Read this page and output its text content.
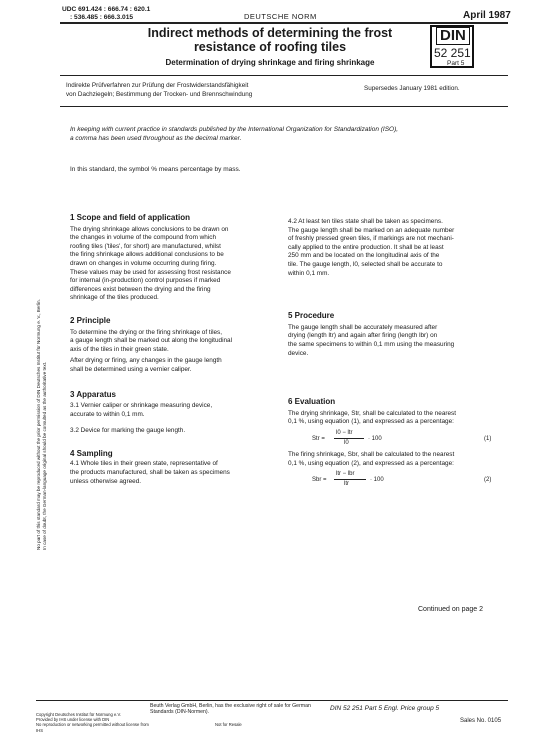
UDC 691.424 : 666.74 : 620.1
: 536.485 : 666.3.015	DEUTSCHE NORM	April 1987
Indirect methods of determining the frost
resistance of roofing tiles
Determination of drying shrinkage and firing shrinkage
DIN
52 251
Part 5
Indirekte Prüfverfahren zur Prüfung der Frostwiderstandsfähigkeit
von Dachziegeln; Bestimmung der Trocken- und Brennschwindung
Supersedes January 1981 edition.
In keeping with current practice in standards published by the International Organization for Standardization (ISO),
a comma has been used throughout as the decimal marker.
In this standard, the symbol % means percentage by mass.
No part of this standard may be reproduced without the prior permission of DIN Deutsches Institut für Normung e. V., Berlin. In case of doubt, the German-language original should be consulted as the authoritative text.
1 Scope and field of application
The drying shrinkage allows conclusions to be drawn on
the changes in volume of the compound from which
roofing tiles ('tiles', for short) are manufactured, whilst
the firing shrinkage allows additional conclusions to be
drawn on changes in volume occurring during firing.
These values may be used for assessing frost resistance
for internal (in-production) control purposes if marked
differences exist between the drying and the firing
shrinkage of the tiles produced.
2 Principle
To determine the drying or the firing shrinkage of tiles,
a gauge length shall be marked out along the longitudinal
axis of the tiles in their green state.
After drying or firing, any changes in the gauge length
shall be determined using a vernier caliper.
3 Apparatus
3.1 Vernier caliper or shrinkage measuring device,
accurate to within 0,1 mm.
3.2 Device for marking the gauge length.
4 Sampling
4.1 Whole tiles in their green state, representative of
the products manufactured, shall be taken as specimens
unless otherwise agreed.
4.2 At least ten tiles state shall be taken as specimens.
The gauge length shall be marked on an adequate number
of freshly pressed green tiles, if markings are not mechani-
cally applied to the entire production. It shall be at least
250 mm and be located on the longitudinal axis of the
tile. The gauge length, l0, selected shall be accurate to
within 0,1 mm.
5 Procedure
The gauge length shall be accurately measured after
drying (length ltr) and again after firing (length lbr) on
the same specimens to within 0,1 mm using the measuring
device.
6 Evaluation
The drying shrinkage, Str, shall be calculated to the nearest
0,1 %, using equation (1), and expressed as a percentage:
Str =
l0 − ltr
l0
· 100	(1)
The firing shrinkage, Sbr, shall be calculated to the nearest
0,1 %, using equation (2), and expressed as a percentage:
Sbr =
ltr − lbr
ltr
· 100	(2)
Continued on page 2
Beuth Verlag GmbH, Berlin, has the exclusive right of sale for German Standards (DIN-Normen).
Copyright Deutsches Institut für Normung e.V.
Provided by IHS under license with DIN
No reproduction or networking permitted without license from IHS
Not for Resale
DIN 52 251 Part 5 Engl. Price group 5
Sales No. 0105
